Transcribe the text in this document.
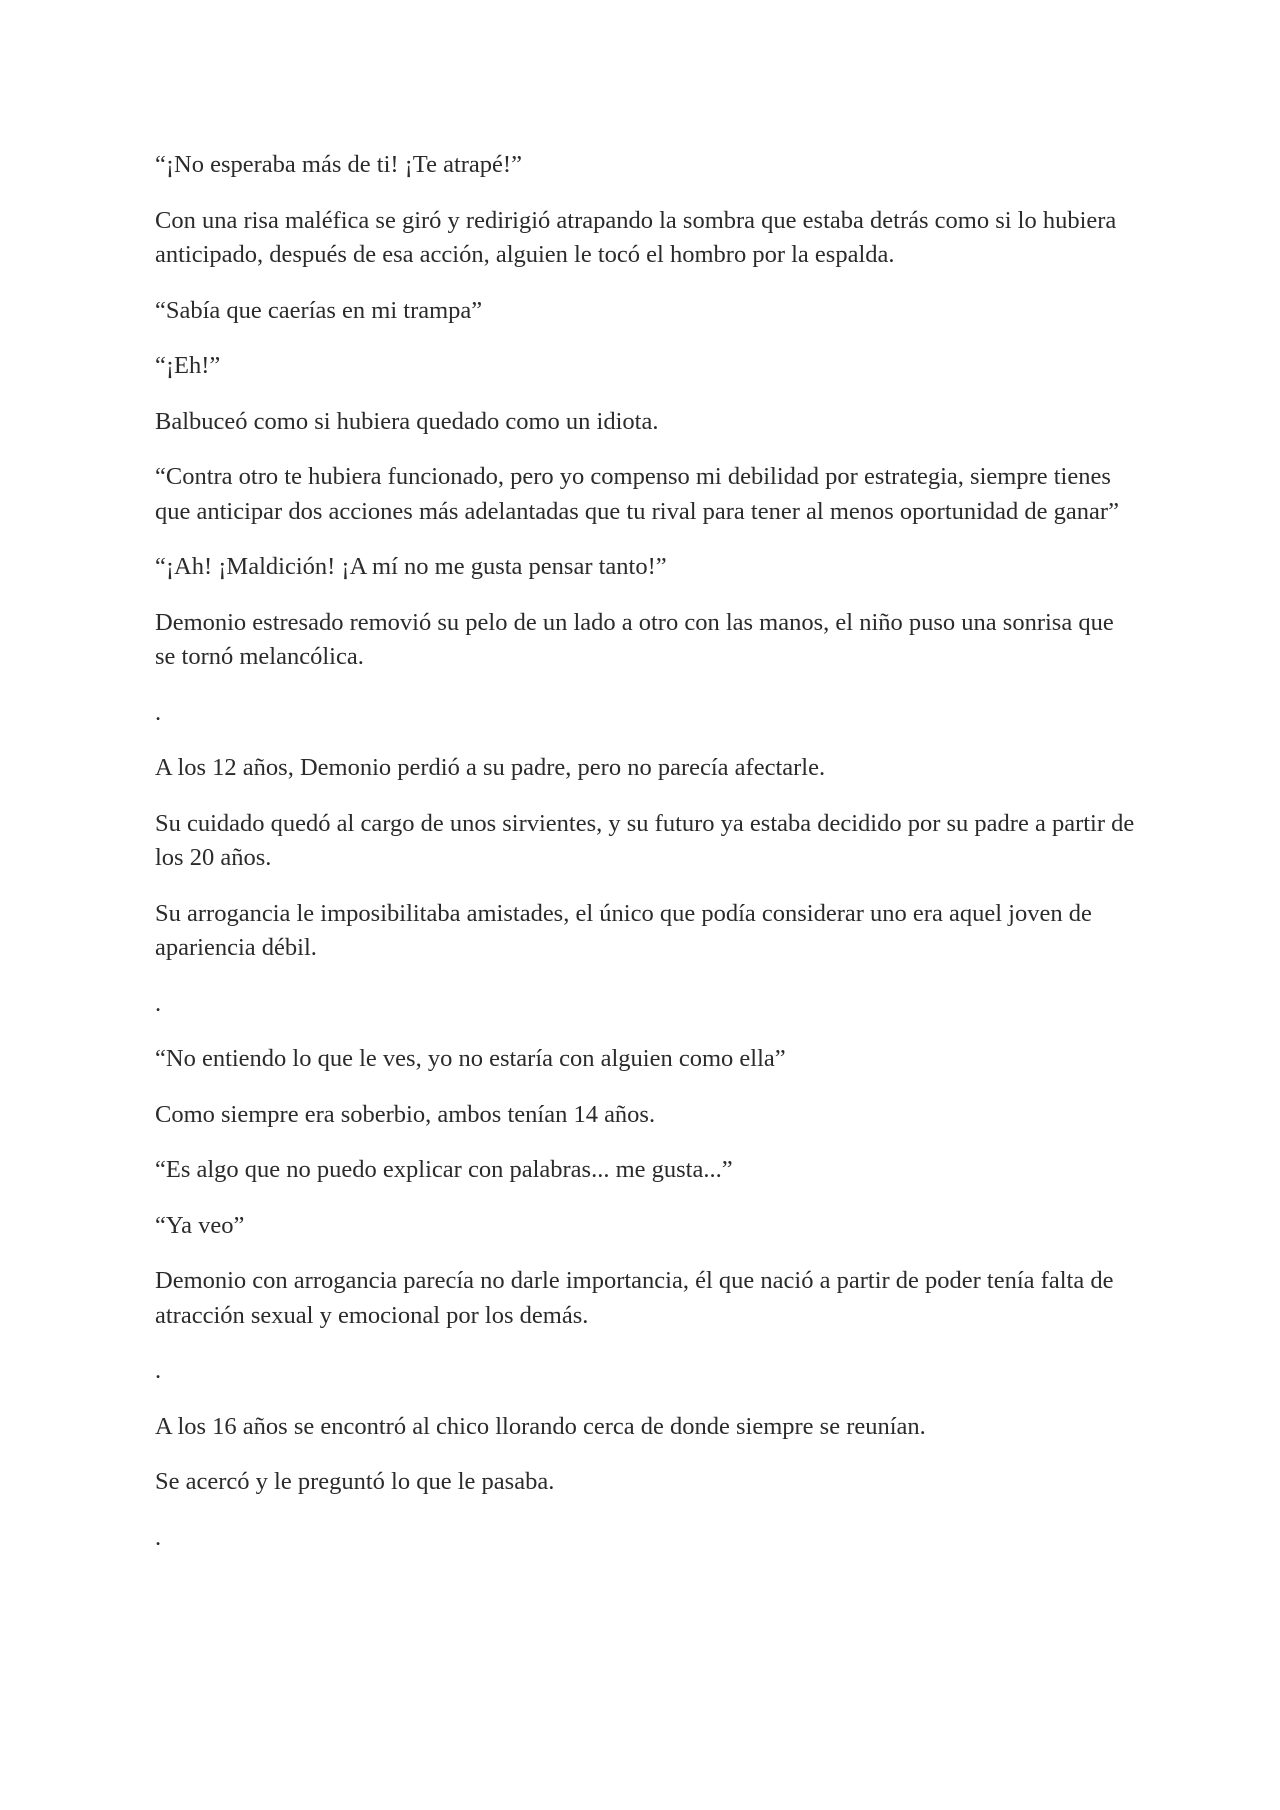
“¡No esperaba más de ti! ¡Te atrapé!”

Con una risa maléfica se giró y redirigió atrapando la sombra que estaba detrás como si lo hubiera anticipado, después de esa acción, alguien le tocó el hombro por la espalda.

“Sabía que caerías en mi trampa”

“¡Eh!”

Balbuceó como si hubiera quedado como un idiota.

“Contra otro te hubiera funcionado, pero yo compenso mi debilidad por estrategia, siempre tienes que anticipar dos acciones más adelantadas que tu rival para tener al menos oportunidad de ganar”

“¡Ah! ¡Maldición! ¡A mí no me gusta pensar tanto!”

Demonio estresado removió su pelo de un lado a otro con las manos, el niño puso una sonrisa que se tornó melancólica.

.

A los 12 años, Demonio perdió a su padre, pero no parecía afectarle.

Su cuidado quedó al cargo de unos sirvientes, y su futuro ya estaba decidido por su padre a partir de los 20 años.

Su arrogancia le imposibilitaba amistades, el único que podía considerar uno era aquel joven de apariencia débil.

.

“No entiendo lo que le ves, yo no estaría con alguien como ella”

Como siempre era soberbio, ambos tenían 14 años.

“Es algo que no puedo explicar con palabras... me gusta...”

“Ya veo”

Demonio con arrogancia parecía no darle importancia, él que nació a partir de poder tenía falta de atracción sexual y emocional por los demás.

.

A los 16 años se encontró al chico llorando cerca de donde siempre se reunían.

Se acercó y le preguntó lo que le pasaba.

.
